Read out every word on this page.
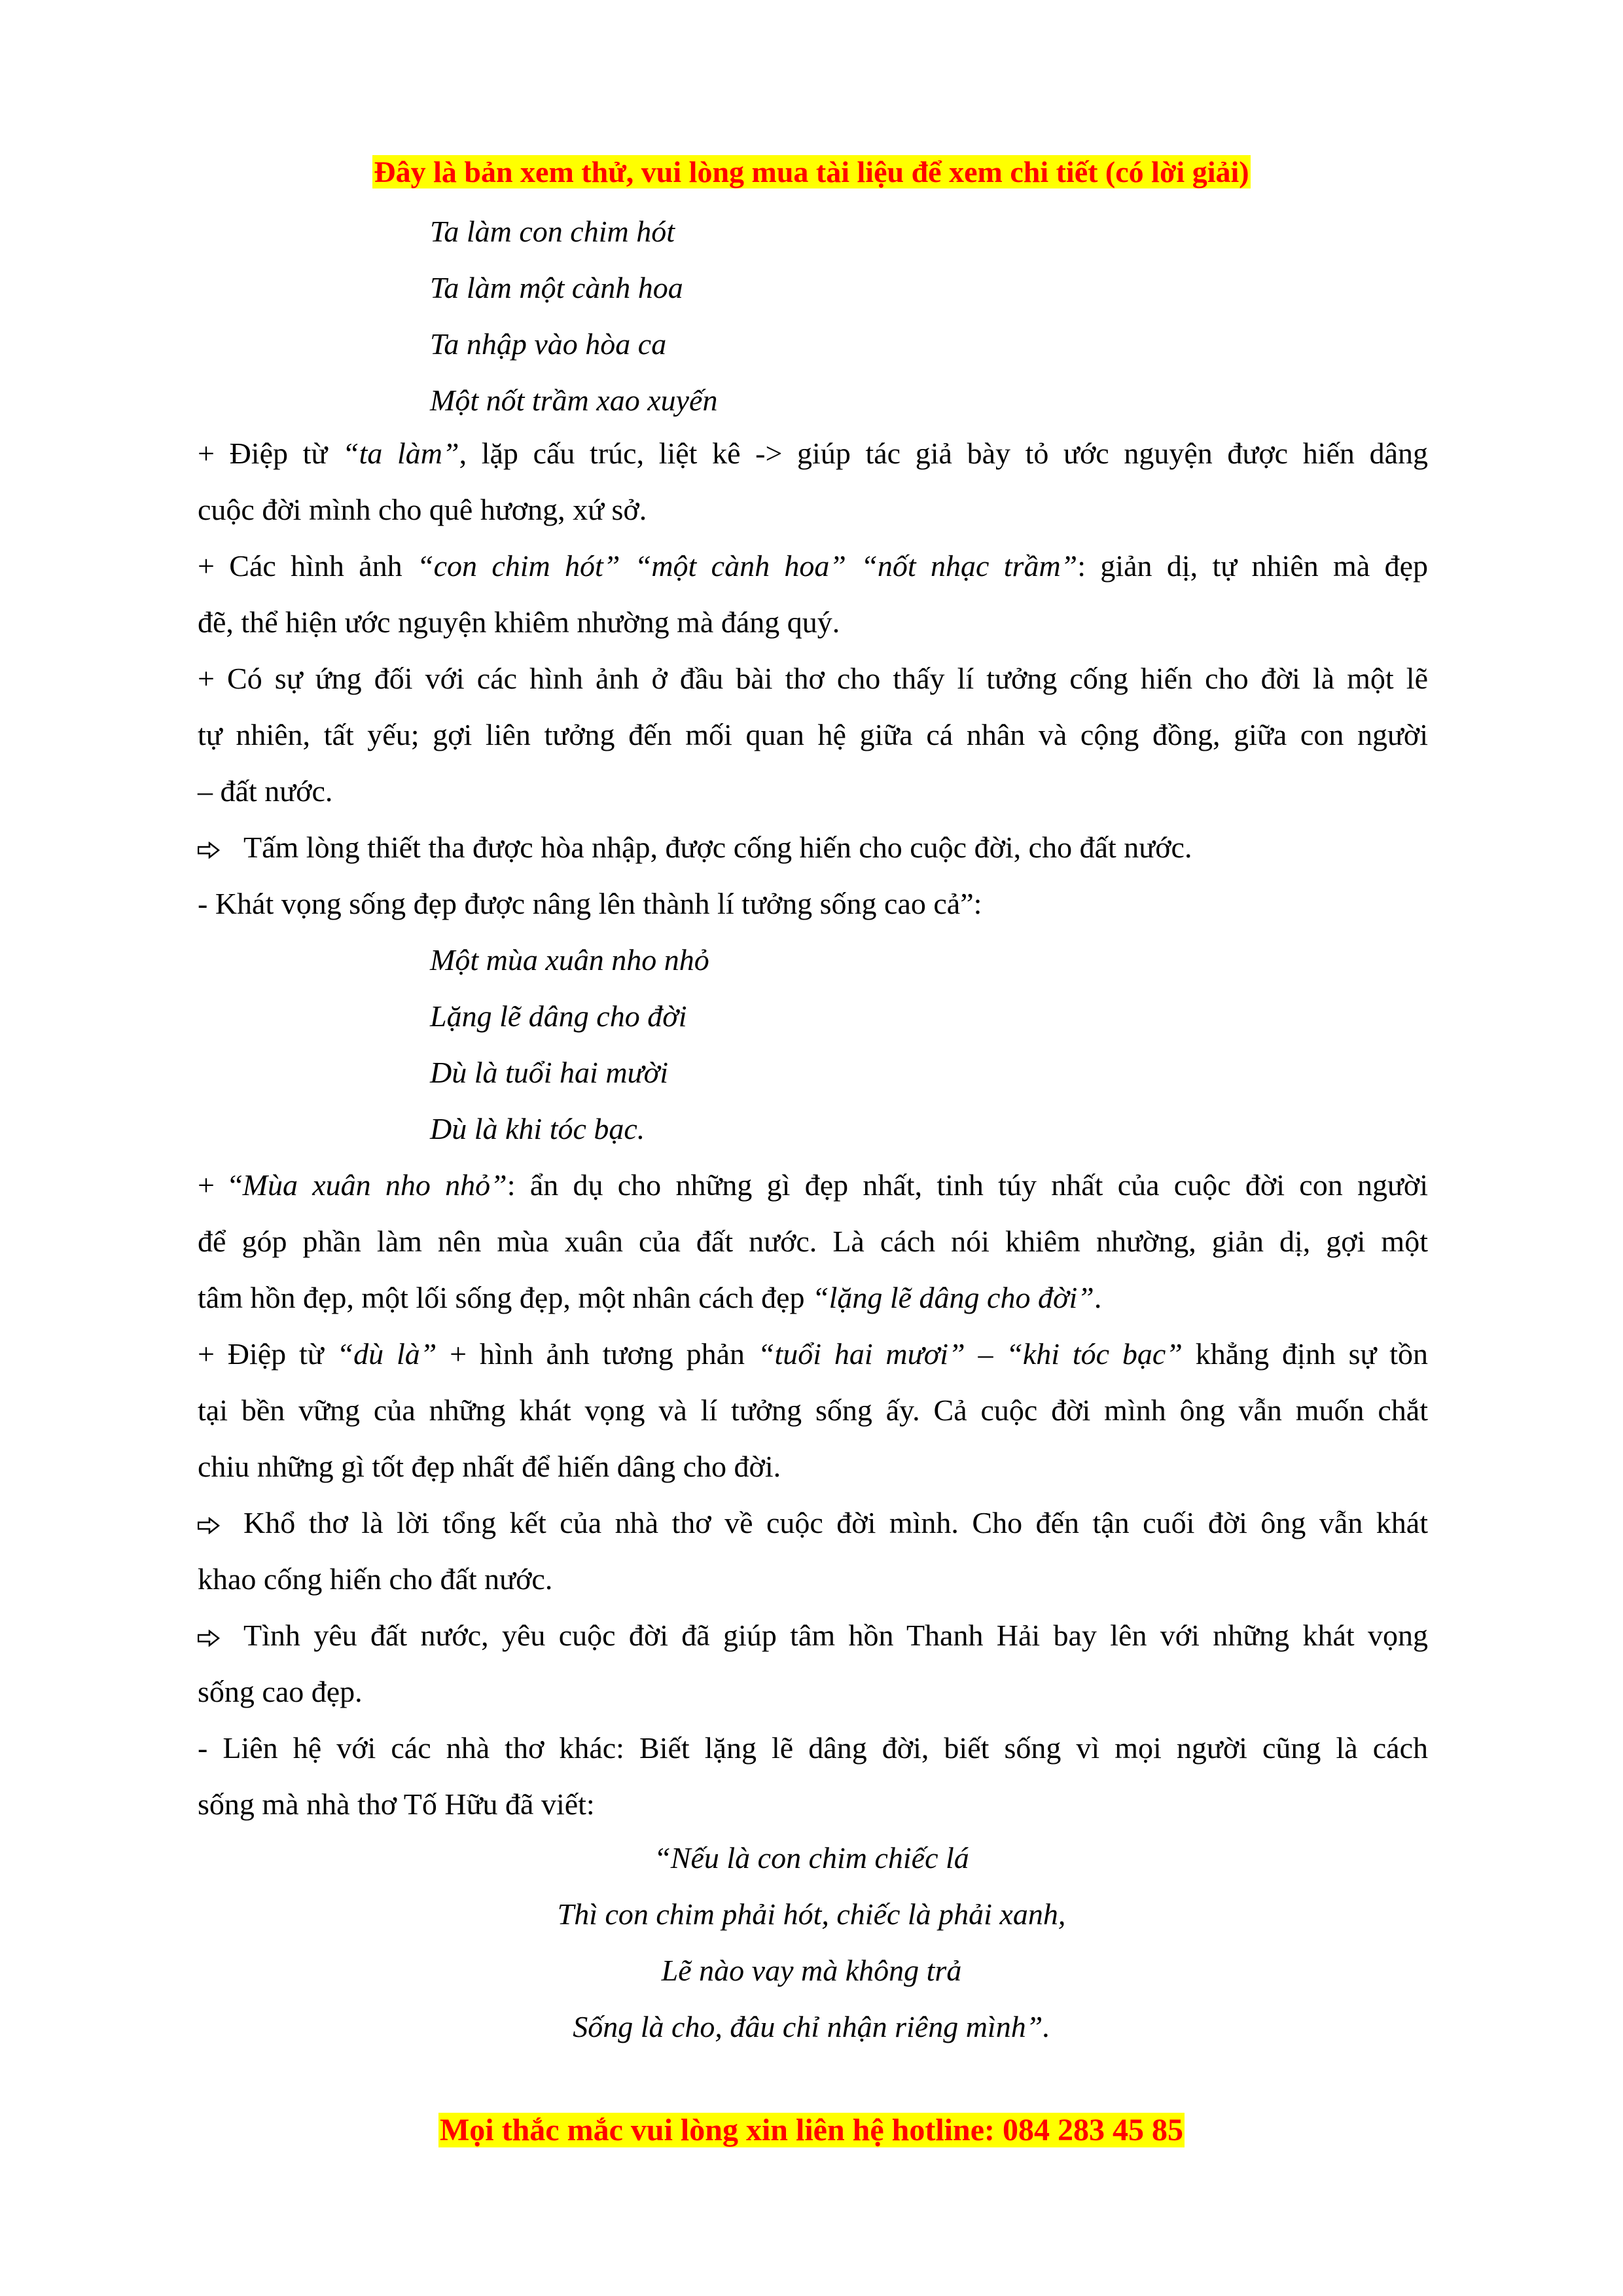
Đây là bản xem thử, vui lòng mua tài liệu để xem chi tiết (có lời giải)
Ta làm con chim hót
Ta làm một cành hoa
Ta nhập vào hòa ca
Một nốt trầm xao xuyến
+ Điệp từ “ta làm”, lặp cấu trúc, liệt kê -> giúp tác giả bày tỏ ước nguyện được hiến dâng
cuộc đời mình cho quê hương, xứ sở.
+ Các hình ảnh “con chim hót” “một cành hoa” “nốt nhạc trầm”: giản dị, tự nhiên mà đẹp
đẽ, thể hiện ước nguyện khiêm nhường mà đáng quý.
+ Có sự ứng đối với các hình ảnh ở đầu bài thơ cho thấy lí tưởng cống hiến cho đời là một lẽ
tự nhiên, tất yếu; gợi liên tưởng đến mối quan hệ giữa cá nhân và cộng đồng, giữa con người
– đất nước.
Tấm lòng thiết tha được hòa nhập, được cống hiến cho cuộc đời, cho đất nước.
- Khát vọng sống đẹp được nâng lên thành lí tưởng sống cao cả”:
Một mùa xuân nho nhỏ
Lặng lẽ dâng cho đời
Dù là tuổi hai mười
Dù là khi tóc bạc.
+ “Mùa xuân nho nhỏ”: ẩn dụ cho những gì đẹp nhất, tinh túy nhất của cuộc đời con người
để góp phần làm nên mùa xuân của đất nước. Là cách nói khiêm nhường, giản dị, gợi một
tâm hồn đẹp, một lối sống đẹp, một nhân cách đẹp “lặng lẽ dâng cho đời”.
+ Điệp từ “dù là” + hình ảnh tương phản “tuổi hai mươi” – “khi tóc bạc” khẳng định sự tồn
tại bền vững của những khát vọng và lí tưởng sống ấy. Cả cuộc đời mình ông vẫn muốn chắt
chiu những gì tốt đẹp nhất để hiến dâng cho đời.
Khổ thơ là lời tổng kết của nhà thơ về cuộc đời mình. Cho đến tận cuối đời ông vẫn khát
khao cống hiến cho đất nước.
Tình yêu đất nước, yêu cuộc đời đã giúp tâm hồn Thanh Hải bay lên với những khát vọng
sống cao đẹp.
- Liên hệ với các nhà thơ khác: Biết lặng lẽ dâng đời, biết sống vì mọi người cũng là cách
sống mà nhà thơ Tố Hữu đã viết:
“Nếu là con chim chiếc lá
Thì con chim phải hót, chiếc là phải xanh,
Lẽ nào vay mà không trả
Sống là cho, đâu chỉ nhận riêng mình”.
Mọi thắc mắc vui lòng xin liên hệ hotline: 084 283 45 85
